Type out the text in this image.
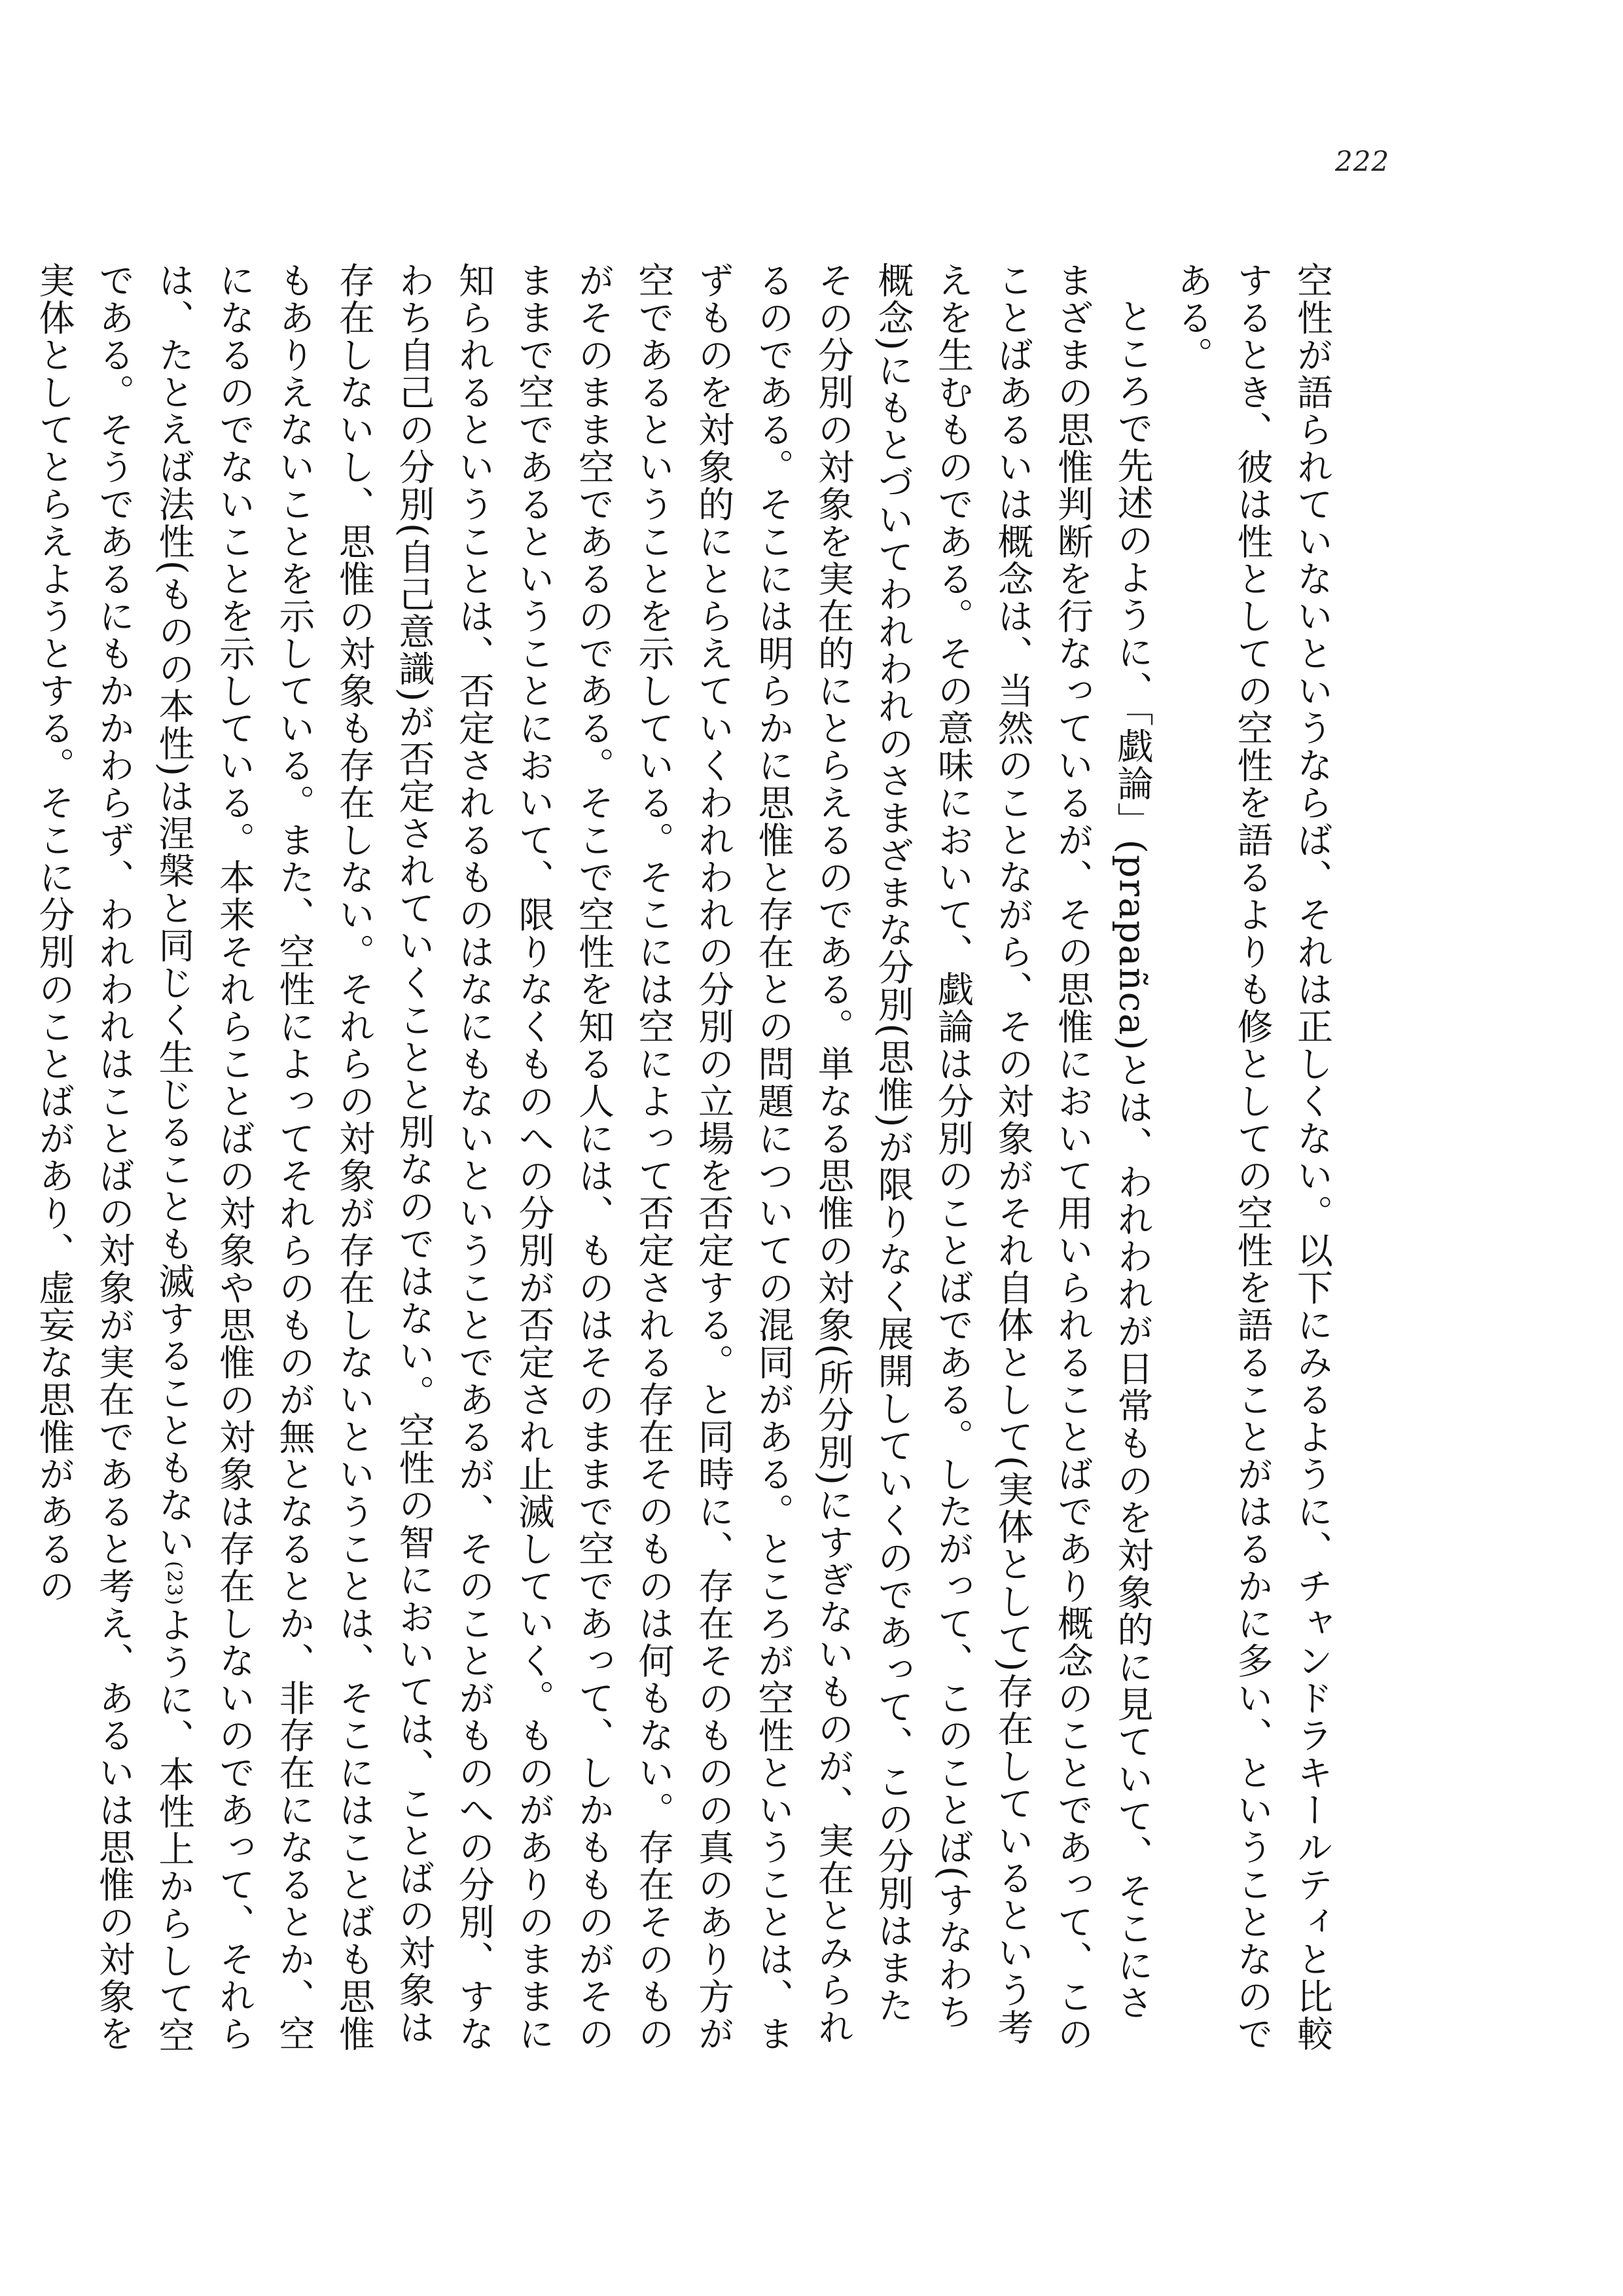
222

空性が語られていないというならば、それは正しくない。以下にみるように、チャンドラキールティと比較するとき、彼は性としての空性を語るよりも修としての空性を語ることがはるかに多い、ということなのである。

ところで先述のように、「戯論」(prapañca)とは、われわれが日常ものを対象的に見ていて、そこにさまざまの思惟判断を行なっているが、その思惟において用いられることばであり概念のことであって、このことばあるいは概念は、当然のことながら、その対象がそれ自体として(実体として)存在しているという考えを生むものである。その意味において、戯論は分別のことばである。したがって、このことば(すなわち概念)にもとづいてわれわれのさまざまな分別(思惟)が限りなく展開していくのであって、この分別はまたその分別の対象を実在的にとらえるのである。単なる思惟の対象(所分別)にすぎないものが、実在とみられるのである。そこには明らかに思惟と存在との問題についての混同がある。ところが空性ということは、まずものを対象的にとらえていくわれわれの分別の立場を否定する。と同時に、存在そのものの真のあり方が空であるということを示している。そこには空によって否定される存在そのものは何もない。存在そのものがそのまま空であるのである。そこで空性を知る人には、ものはそのままで空であって、しかもものがそのままで空であるということにおいて、限りなくものへの分別が否定され止滅していく。ものがありのままに知られるということは、否定されるものはなにもないということであるが、そのことがものへの分別、すなわち自己の分別(自己意識)が否定されていくことと別なのではない。空性の智においては、ことばの対象は存在しないし、思惟の対象も存在しない。それらの対象が存在しないということは、そこにはことばも思惟もありえないことを示している。また、空性によってそれらのものが無となるとか、非存在になるとか、空になるのでないことを示している。本来それらことばの対象や思惟の対象は存在しないのであって、それらは、たとえば法性(ものの本性)は涅槃と同じく生じることも滅することもない(23)ように、本性上からして空である。そうであるにもかかわらず、われわれはことばの対象が実在であると考え、あるいは思惟の対象を実体としてとらえようとする。そこに分別のことばがあり、虚妄な思惟があるの
